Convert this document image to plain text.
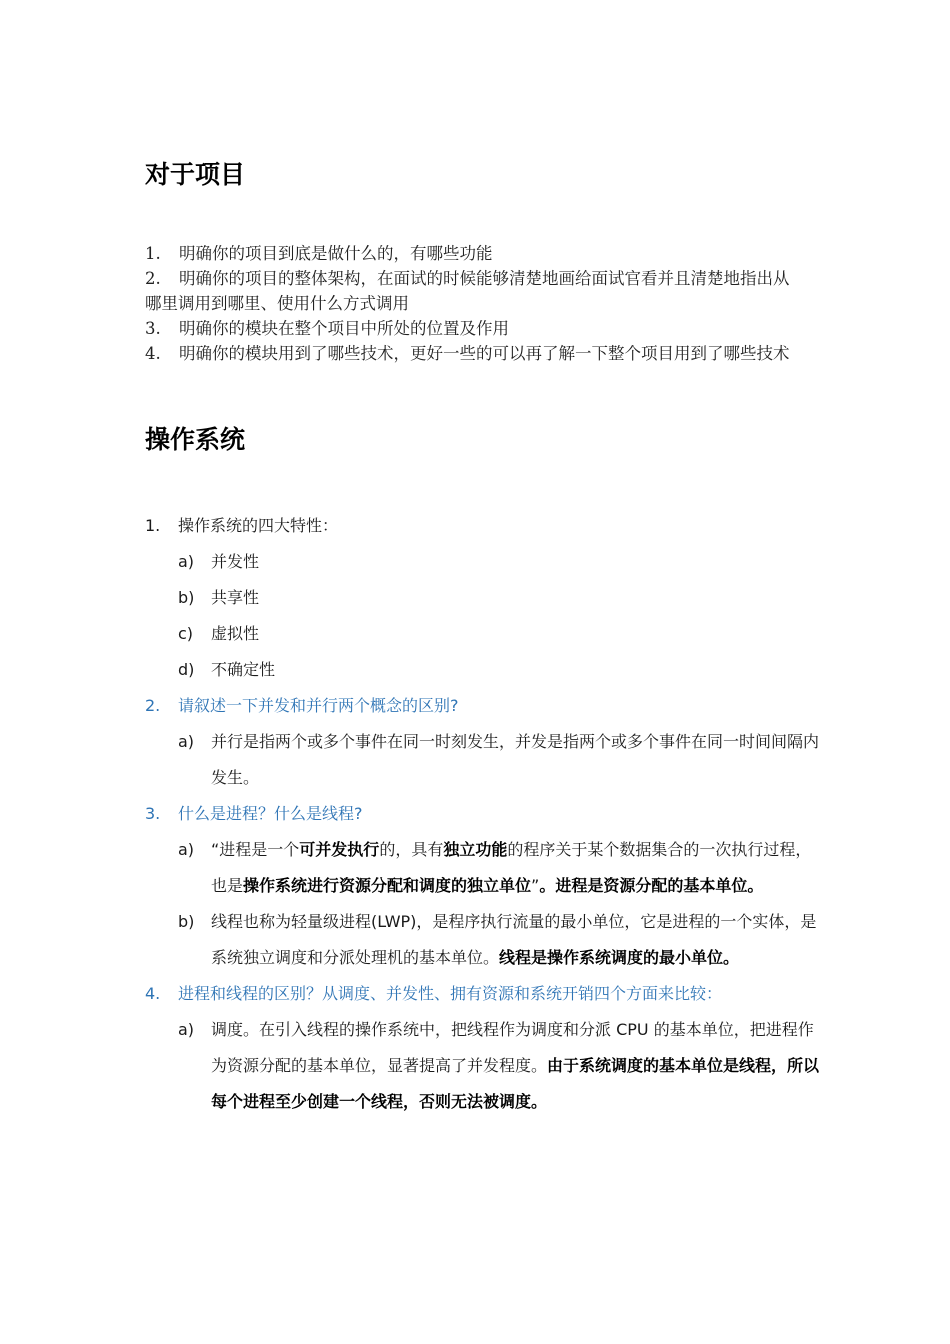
对于项目
1. 明确你的项目到底是做什么的，有哪些功能
2. 明确你的项目的整体架构，在面试的时候能够清楚地画给面试官看并且清楚地指出从哪里调用到哪里、使用什么方式调用
3. 明确你的模块在整个项目中所处的位置及作用
4. 明确你的模块用到了哪些技术，更好一些的可以再了解一下整个项目用到了哪些技术
操作系统
1. 操作系统的四大特性：
a) 并发性
b) 共享性
c) 虚拟性
d) 不确定性
2. 请叙述一下并发和并行两个概念的区别?
a) 并行是指两个或多个事件在同一时刻发生，并发是指两个或多个事件在同一时间间隔内发生。
3. 什么是进程？什么是线程?
a) “进程是一个可并发执行的，具有独立功能的程序关于某个数据集合的一次执行过程，也是操作系统进行资源分配和调度的独立单位”。进程是资源分配的基本单位。
b) 线程也称为轻量级进程(LWP)，是程序执行流量的最小单位，它是进程的一个实体，是系统独立调度和分派处理机的基本单位。线程是操作系统调度的最小单位。
4. 进程和线程的区别？从调度、并发性、拥有资源和系统开销四个方面来比较：
a) 调度。在引入线程的操作系统中，把线程作为调度和分派 CPU 的基本单位，把进程作为资源分配的基本单位，显著提高了并发程度。由于系统调度的基本单位是线程，所以每个进程至少创建一个线程，否则无法被调度。
